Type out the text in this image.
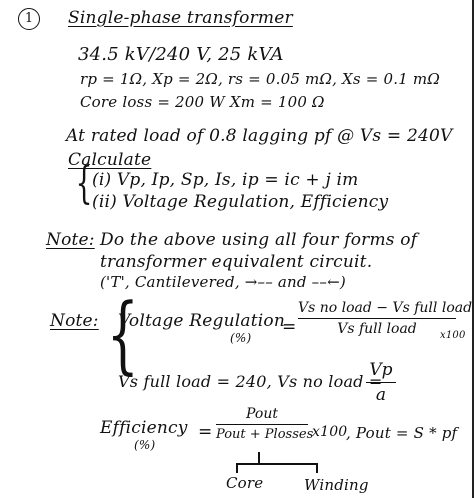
1	Single-phase transformer
34.5 kV/240 V, 25 kVA
rp = 1Ω, Xp = 2Ω, rs = 0.05 mΩ, Xs = 0.1 mΩ
Core loss = 200 W Xm = 100 Ω
At rated load of 0.8 lagging pf @ Vs = 240V
Calculate
{ (i) Vp, Ip, Sp, Is, ip = ic + j im
(ii) Voltage Regulation, Efficiency
Note: Do the above using all four forms of
transformer equivalent circuit.
('T', Cantilevered, →–– and ––←)
Note: {
Voltage Regulation
(%)
=
Vs no load − Vs full load
Vs full load	x100
Vs full load = 240, Vs no load =
Vp
a
Efficiency
(%)
=
Pout
Pout + Plosses
x100
, Pout = S * pf
Core	Winding
